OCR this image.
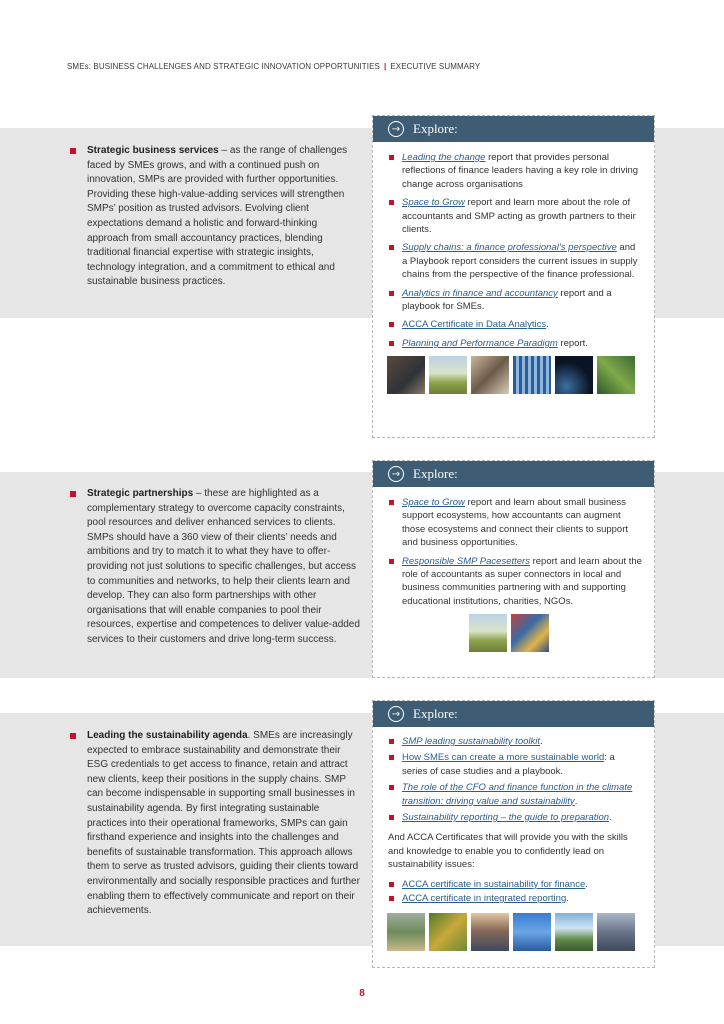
SMEs: BUSINESS CHALLENGES AND STRATEGIC INNOVATION OPPORTUNITIES | EXECUTIVE SUMMARY

Strategic business services – as the range of challenges faced by SMEs grows, and with a continued push on innovation, SMPs are provided with further opportunities. Providing these high-value-adding services will strengthen SMPs’ position as trusted advisors. Evolving client expectations demand a holistic and forward-thinking approach from small accountancy practices, blending traditional financial expertise with strategic insights, technology integration, and a commitment to ethical and sustainable business practices.

→ Explore:
Leading the change report that provides personal reflections of finance leaders having a key role in driving change across organisations
Space to Grow report and learn more about the role of accountants and SMP acting as growth partners to their clients.
Supply chains: a finance professional’s perspective and a Playbook report considers the current issues in supply chains from the perspective of the finance professional.
Analytics in finance and accountancy report and a playbook for SMEs.
ACCA Certificate in Data Analytics.
Planning and Performance Paradigm report.

Strategic partnerships – these are highlighted as a complementary strategy to overcome capacity constraints, pool resources and deliver enhanced services to clients. SMPs should have a 360 view of their clients’ needs and ambitions and try to match it to what they have to offer-providing not just solutions to specific challenges, but access to communities and networks, to help their clients learn and develop. They can also form partnerships with other organisations that will enable companies to pool their resources, expertise and competences to deliver value-added services to their customers and drive long-term success.

→ Explore:
Space to Grow report and learn about small business support ecosystems, how accountants can augment those ecosystems and connect their clients to support and business opportunities.
Responsible SMP Pacesetters report and learn about the role of accountants as super connectors in local and business communities partnering with and supporting educational institutions, charities, NGOs.

Leading the sustainability agenda. SMEs are increasingly expected to embrace sustainability and demonstrate their ESG credentials to get access to finance, retain and attract new clients, keep their positions in the supply chains. SMP can become indispensable in supporting small businesses in sustainability agenda. By first integrating sustainable practices into their operational frameworks, SMPs can gain firsthand experience and insights into the challenges and benefits of sustainable transformation. This approach allows them to serve as trusted advisors, guiding their clients toward environmentally and socially responsible practices and further enabling them to effectively communicate and report on their achievements.

→ Explore:
SMP leading sustainability toolkit.
How SMEs can create a more sustainable world: a series of case studies and a playbook.
The role of the CFO and finance function in the climate transition: driving value and sustainability.
Sustainability reporting – the guide to preparation.

And ACCA Certificates that will provide you with the skills and knowledge to enable you to confidently lead on sustainability issues:

ACCA certificate in sustainability for finance.
ACCA certificate in integrated reporting.
8
